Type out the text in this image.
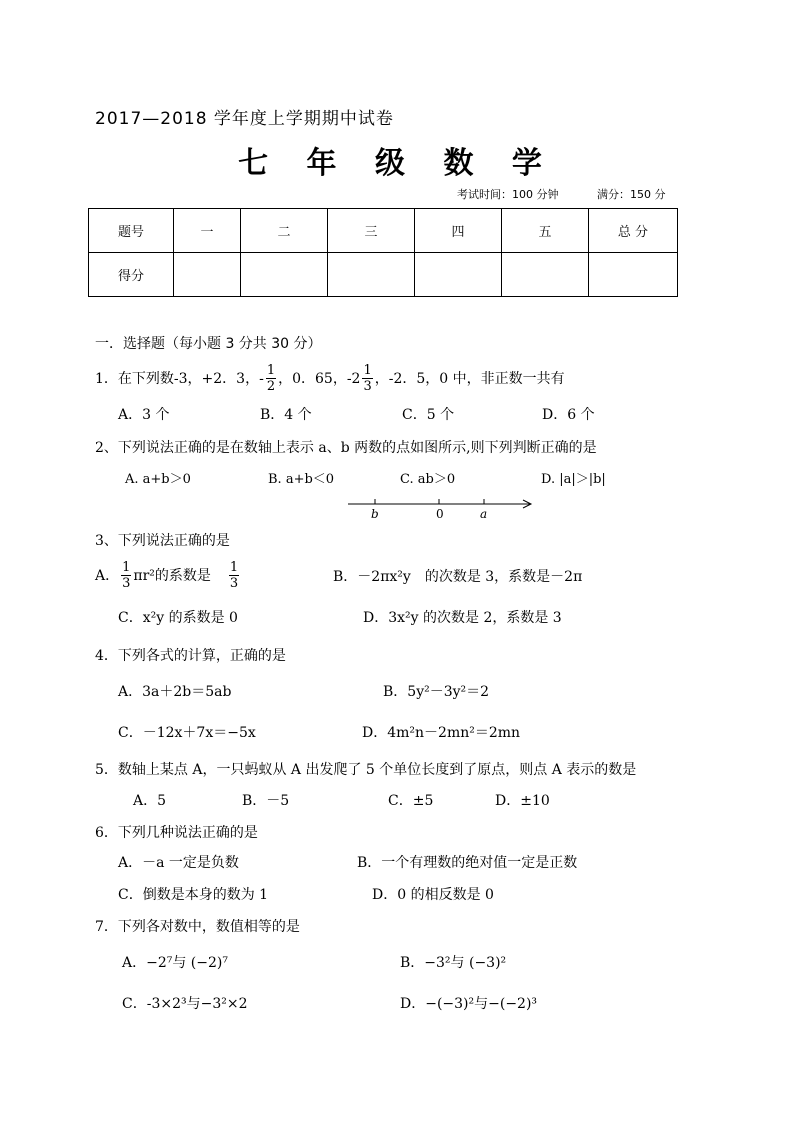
2017—2018 学年度上学期期中试卷
七 年 级 数 学
考试时间：100 分钟	满分：150 分
题号	一	二	三	四	五	总 分
得分						
一．选择题（每小题 3 分共 30 分）
1．在下列数-3，+2．3，- $\frac{1}{2}$ ，0．65，$-2 \frac{1}{3}$ ，-2．5，0 中，非正数一共有
A．3 个	B．4 个	C．5 个	D．6 个
2、下列说法正确的是在数轴上表示 a、b 两数的点如图所示,则下列判断正确的是
A. a+b＞0	B. a+b＜0	C. ab＞0	D. |a|＞|b|
b	0	a
3、下列说法正确的是
A． $\frac{1}{3} \pi r^2$的系数是 $\frac{1}{3}$	B．－2πx²y　的次数是 3，系数是－2π
C．x²y 的系数是 0	D．3x²y 的次数是 2，系数是 3
4．下列各式的计算，正确的是
A．3a＋2b＝5ab	B．5y²－3y²＝2
C．－12x＋7x＝−5x	D．4m²n－2mn²＝2mn
5．数轴上某点 A，一只蚂蚁从 A 出发爬了 5 个单位长度到了原点，则点 A 表示的数是
A．5	B．－5	C．±5	D．±10
6．下列几种说法正确的是
A．－a 一定是负数	B．一个有理数的绝对值一定是正数
C．倒数是本身的数为 1	D．0 的相反数是 0
7．下列各对数中，数值相等的是
A．−2⁷与 (−2)⁷	B．−3²与 (−3)²
C．-3×2³与−3²×2	D．−(−3)²与−(−2)³
